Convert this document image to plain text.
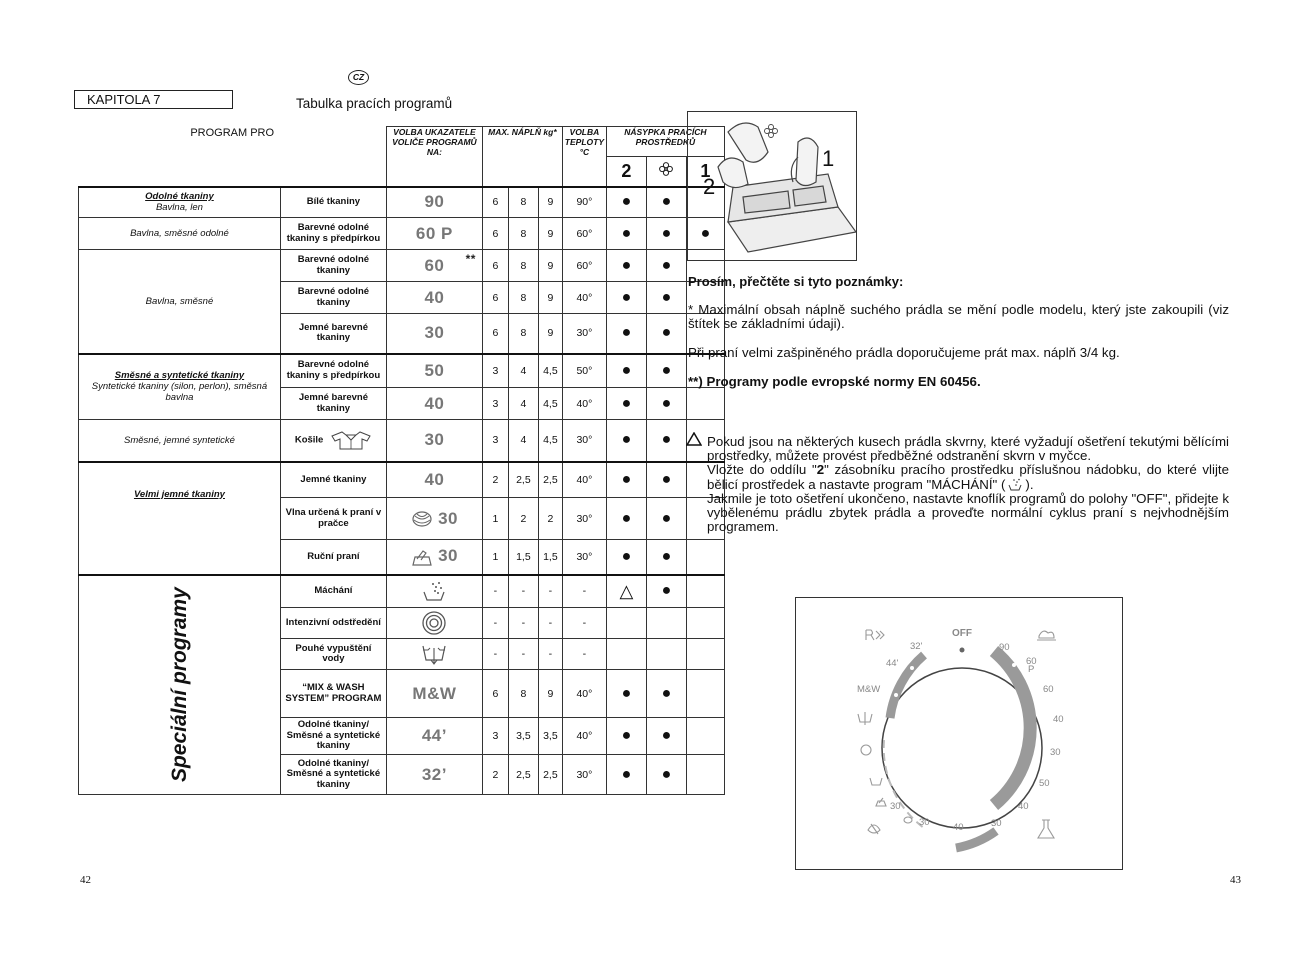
CZ
KAPITOLA 7	Tabulka pracích programů
PROGRAM PRO		VOLBA UKAZATELE VOLIČE PROGRAMŮ NA:	MAX. NÁPLŇ kg*			VOLBA TEPLOTY °C	NÁSYPKA PRACÍCH PROSTŘEDKŮ		
							2		1

Odolné tkaniny
Bavlna, len	Bílé tkaniny	90	6	8	9	90°	●	●	
Bavlna, směsné odolné	Barevné odolné tkaniny s předpírkou	60 P	6	8	9	60°	●	●	●
Bavlna, směsné	Barevné odolné tkaniny	60 **	6	8	9	60°	●	●	
	Barevné odolné tkaniny	40	6	8	9	40°	●	●	
	Jemné barevné tkaniny	30	6	8	9	30°	●	●	

Směsné a syntetické tkaniny
Syntetické tkaniny (silon, perlon), směsná bavlna	Barevné odolné tkaniny s předpírkou	50	3	4	4,5	50°	●	●	
	Jemné barevné tkaniny	40	3	4	4,5	40°	●	●	
Směsné, jemné syntetické	Košile	30	3	4	4,5	30°	●	●	

Velmi jemné tkaniny	Jemné tkaniny	40	2	2,5	2,5	40°	●	●	
	Vlna určená k praní v pračce	30	1	2	2	30°	●	●	
	Ruční praní	30	1	1,5	1,5	30°	●	●	
Speciální programy	Máchání		-	-	-	-	△	●	
	Intenzivní odstředění		-	-	-	-			
	Pouhé vypuštění vody		-	-	-	-			
	“MIX & WASH SYSTEM” PROGRAM	M&W	6	8	9	40°	●	●	
	Odolné tkaniny/ Směsné a syntetické tkaniny	44’	3	3,5	3,5	40°	●	●	
	Odolné tkaniny/ Směsné a syntetické tkaniny	32’	2	2,5	2,5	30°	●	●	
42
2
1
Prosím, přečtěte si tyto poznámky:
* Maximální obsah náplně suchého prádla se mění podle modelu, který jste zakoupili (viz štítek se základními údaji).
Při praní velmi zašpiněného prádla doporučujeme prát max. náplň 3/4 kg.
**) Programy podle evropské normy EN 60456.
Pokud jsou na některých kusech prádla skvrny, které vyžadují ošetření tekutými bělícími prostředky, můžete provést předběžné odstranění skvrn v myčce.
Vložte do oddílu "2" zásobníku pracího prostředku příslušnou nádobku, do které vlijte bělicí prostředek a nastavte program "MÁCHÁNÍ" ( ).
Jakmile je toto ošetření ukončeno, nastavte knoflík programů do polohy "OFF", přidejte k vybělenému prádlu zbytek prádla a proveďte normální cyklus praní s nejvhodnějším programem.
OFF
90
60
P
60
40
30
50
40
30
32'
44'
M&W
30
30 40
43
